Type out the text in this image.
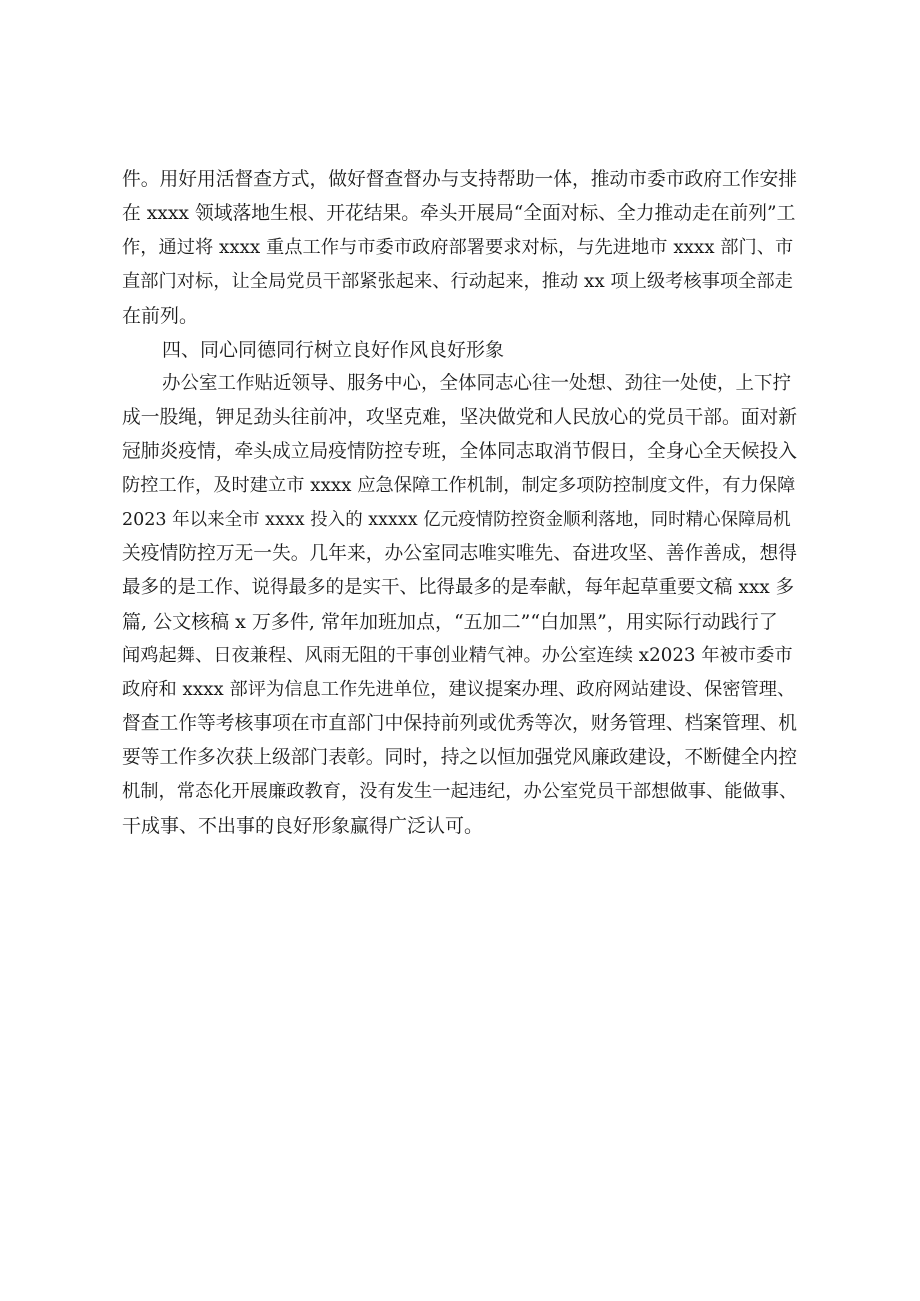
件。用好用活督查方式，做好督查督办与支持帮助一体，推动市委市政府工作安排
在 xxxx 领域落地生根、开花结果。牵头开展局“全面对标、全力推动走在前列”工
作，通过将 xxxx 重点工作与市委市政府部署要求对标，与先进地市 xxxx 部门、市
直部门对标，让全局党员干部紧张起来、行动起来，推动 xx 项上级考核事项全部走
在前列。
四、同心同德同行树立良好作风良好形象
办公室工作贴近领导、服务中心，全体同志心往一处想、劲往一处使，上下拧
成一股绳，钾足劲头往前冲，攻坚克难，坚决做党和人民放心的党员干部。面对新
冠肺炎疫情，牵头成立局疫情防控专班，全体同志取消节假日，全身心全天候投入
防控工作，及时建立市 xxxx 应急保障工作机制，制定多项防控制度文件，有力保障
2023 年以来全市 xxxx 投入的 xxxxx 亿元疫情防控资金顺利落地，同时精心保障局机
关疫情防控万无一失。几年来，办公室同志唯实唯先、奋进攻坚、善作善成，想得
最多的是工作、说得最多的是实干、比得最多的是奉献，每年起草重要文稿 xxx 多
篇, 公文核稿 x 万多件, 常年加班加点，“五加二”“白加黑”，用实际行动践行了
闻鸡起舞、日夜兼程、风雨无阻的干事创业精气神。办公室连续 x2023 年被市委市
政府和 xxxx 部评为信息工作先进单位，建议提案办理、政府网站建设、保密管理、
督查工作等考核事项在市直部门中保持前列或优秀等次，财务管理、档案管理、机
要等工作多次获上级部门表彰。同时，持之以恒加强党风廉政建设，不断健全内控
机制，常态化开展廉政教育，没有发生一起违纪，办公室党员干部想做事、能做事、
干成事、不出事的良好形象赢得广泛认可。
